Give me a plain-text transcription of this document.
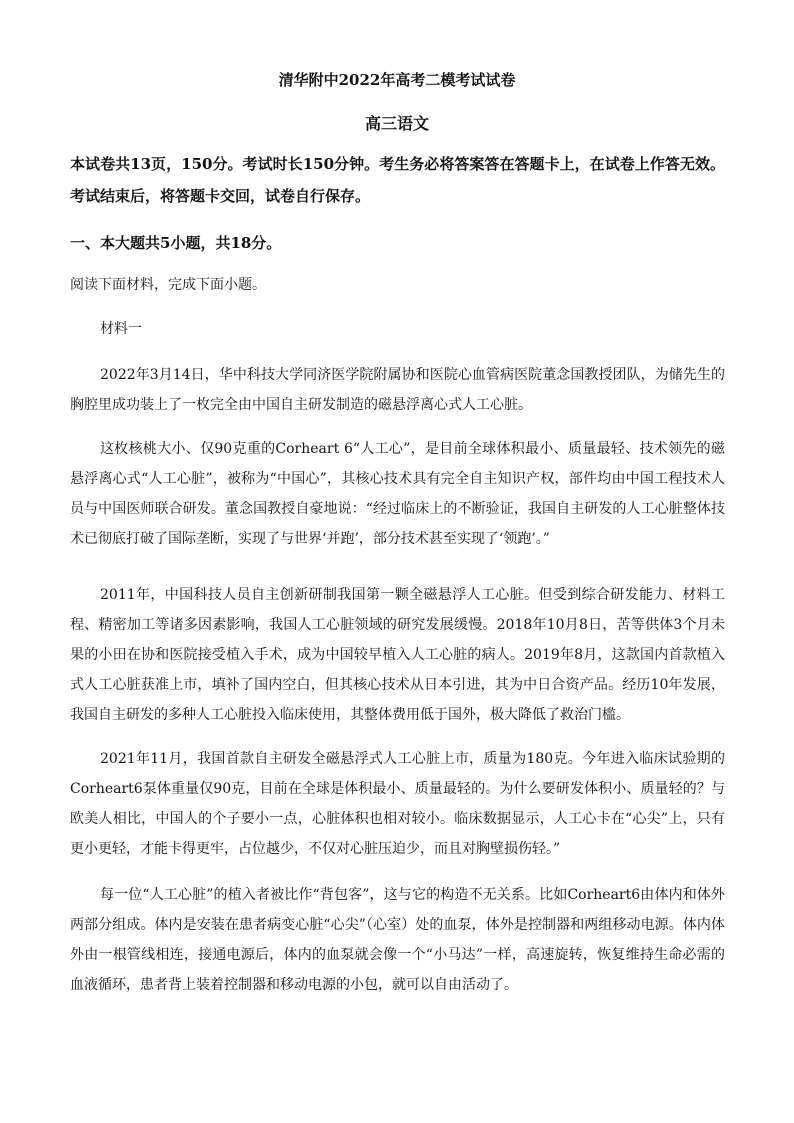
清华附中2022年高考二模考试试卷
高三语文

本试卷共13页，150分。考试时长150分钟。考生务必将答案答在答题卡上，在试卷上作答无效。考试结束后，将答题卡交回，试卷自行保存。

一、本大题共5小题，共18分。

阅读下面材料，完成下面小题。

材料一

2022年3月14日，华中科技大学同济医学院附属协和医院心血管病医院董念国教授团队，为储先生的胸腔里成功装上了一枚完全由中国自主研发制造的磁悬浮离心式人工心脏。

这枚核桃大小、仅90克重的Corheart 6“人工心”，是目前全球体积最小、质量最轻、技术领先的磁悬浮离心式“人工心脏”，被称为“中国心”，其核心技术具有完全自主知识产权，部件均由中国工程技术人员与中国医师联合研发。董念国教授自豪地说：“经过临床上的不断验证，我国自主研发的人工心脏整体技术已彻底打破了国际垄断，实现了与世界‘并跑’，部分技术甚至实现了‘领跑’。”

2011年，中国科技人员自主创新研制我国第一颗全磁悬浮人工心脏。但受到综合研发能力、材料工程、精密加工等诸多因素影响，我国人工心脏领域的研究发展缓慢。2018年10月8日，苦等供体3个月未果的小田在协和医院接受植入手术，成为中国较早植入人工心脏的病人。2019年8月，这款国内首款植入式人工心脏获准上市，填补了国内空白，但其核心技术从日本引进，其为中日合资产品。经历10年发展，我国自主研发的多种人工心脏投入临床使用，其整体费用低于国外，极大降低了救治门槛。

2021年11月，我国首款自主研发全磁悬浮式人工心脏上市，质量为180克。今年进入临床试验期的Corheart6泵体重量仅90克，目前在全球是体积最小、质量最轻的。为什么要研发体积小、质量轻的？与欧美人相比，中国人的个子要小一点，心脏体积也相对较小。临床数据显示，人工心卡在“心尖”上，只有更小更轻，才能卡得更牢，占位越少，不仅对心脏压迫少，而且对胸壁损伤轻。”

每一位“人工心脏”的植入者被比作“背包客”，这与它的构造不无关系。比如Corheart6由体内和体外两部分组成。体内是安装在患者病变心脏“心尖”（心室）处的血泵，体外是控制器和两组移动电源。体内体外由一根管线相连，接通电源后，体内的血泵就会像一个“小马达”一样，高速旋转，恢复维持生命必需的血液循环，患者背上装着控制器和移动电源的小包，就可以自由活动了。
